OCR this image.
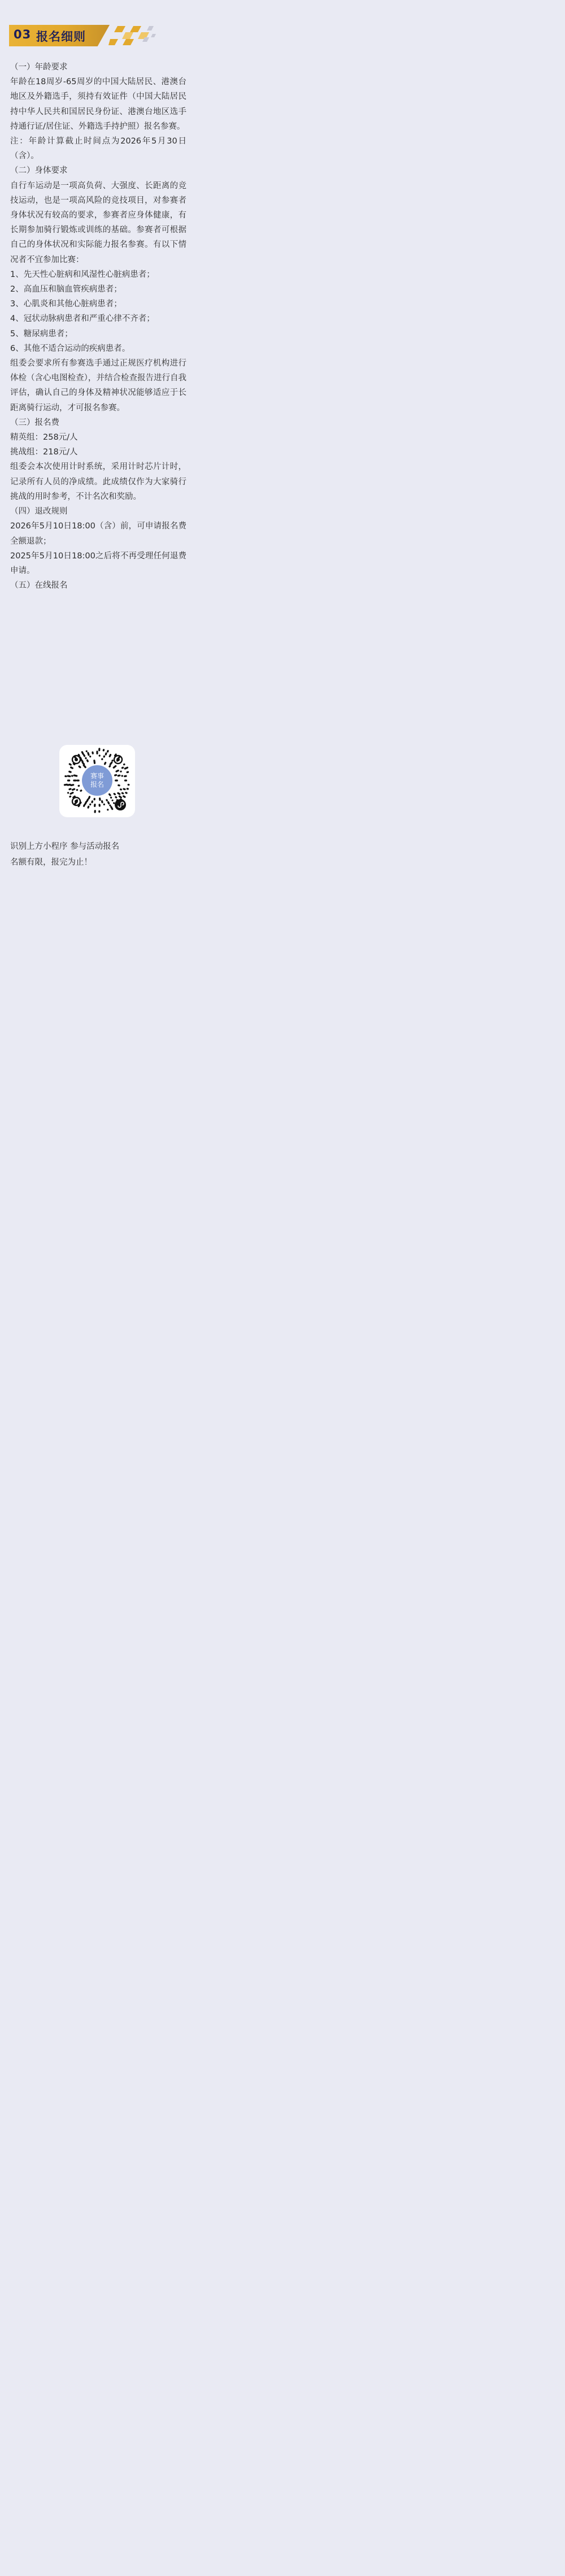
03 报名细则

（一）年龄要求

年龄在18周岁-65周岁的中国大陆居民、港澳台地区及外籍选手，须持有效证件（中国大陆居民持中华人民共和国居民身份证、港澳台地区选手持通行证/居住证、外籍选手持护照）报名参赛。

注：年龄计算截止时间点为2026年5月30日（含）。

（二）身体要求

自行车运动是一项高负荷、大强度、长距离的竞技运动，也是一项高风险的竞技项目，对参赛者身体状况有较高的要求，参赛者应身体健康，有长期参加骑行锻炼或训练的基础。参赛者可根据自己的身体状况和实际能力报名参赛。有以下情况者不宜参加比赛：

1、先天性心脏病和风湿性心脏病患者；

2、高血压和脑血管疾病患者；

3、心肌炎和其他心脏病患者；

4、冠状动脉病患者和严重心律不齐者；

5、糖尿病患者；

6、其他不适合运动的疾病患者。

组委会要求所有参赛选手通过正规医疗机构进行体检（含心电图检查），并结合检查报告进行自我评估，确认自己的身体及精神状况能够适应于长距离骑行运动，才可报名参赛。

（三）报名费

精英组：258元/人

挑战组：218元/人

组委会本次使用计时系统，采用计时芯片计时，记录所有人员的净成绩。此成绩仅作为大家骑行挑战的用时参考，不计名次和奖励。

（四）退改规则

2026年5月10日18:00（含）前，可申请报名费全额退款；

2025年5月10日18:00之后将不再受理任何退费申请。

（五）在线报名

赛事
报名

识别上方小程序 参与活动报名

名额有限，报完为止！
